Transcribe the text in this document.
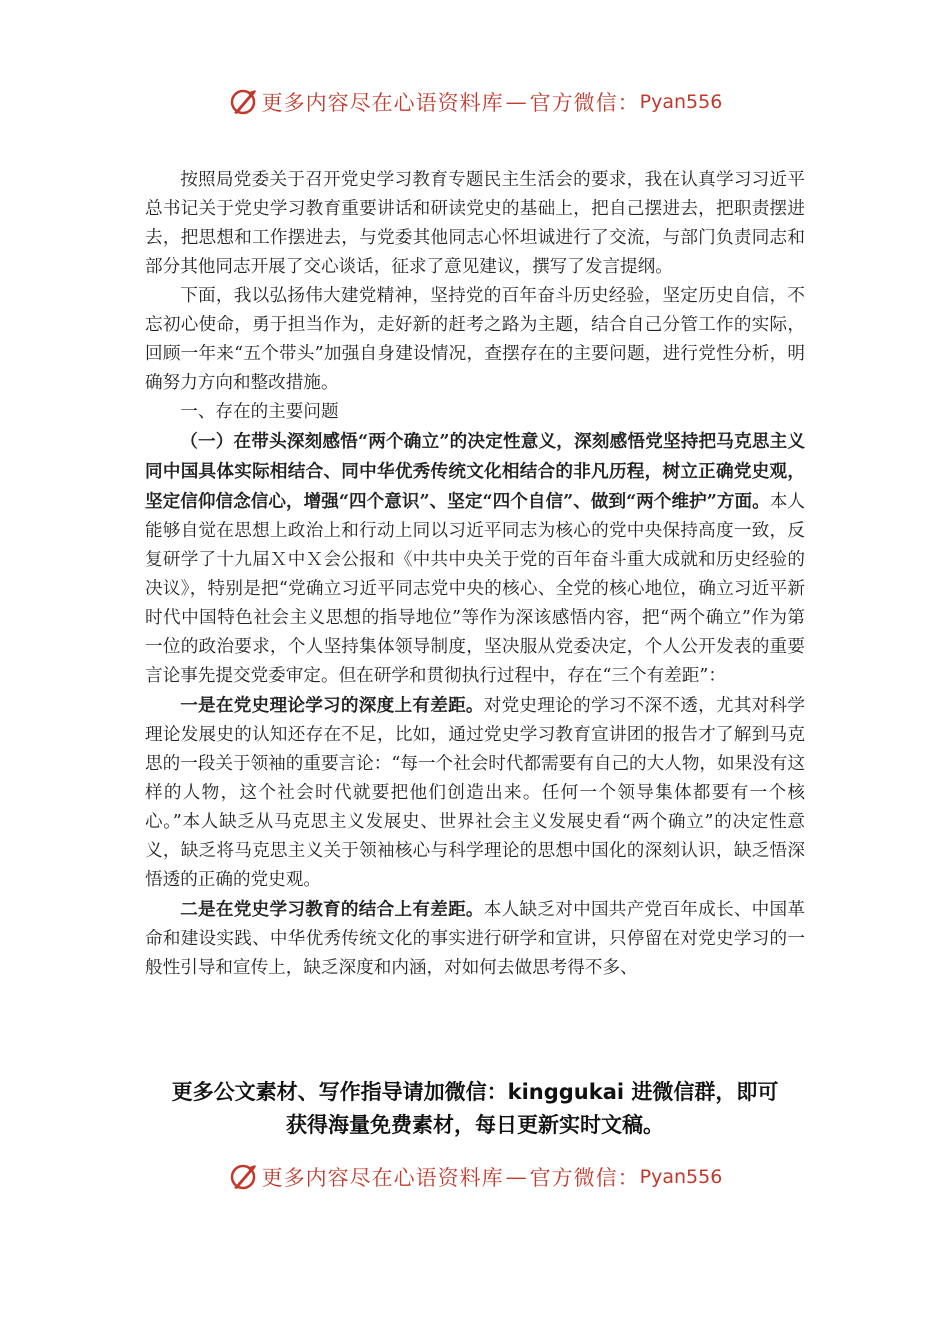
更多内容尽在心语资料库 — 官方微信： Pyan556

按照局党委关于召开党史学习教育专题民主生活会的要求，我在认真学习习近平总书记关于党史学习教育重要讲话和研读党史的基础上，把自己摆进去，把职责摆进去，把思想和工作摆进去，与党委其他同志心怀坦诚进行了交流，与部门负责同志和部分其他同志开展了交心谈话，征求了意见建议，撰写了发言提纲。

下面，我以弘扬伟大建党精神，坚持党的百年奋斗历史经验，坚定历史自信，不忘初心使命，勇于担当作为，走好新的赶考之路为主题，结合自己分管工作的实际，回顾一年来“五个带头”加强自身建设情况，查摆存在的主要问题，进行党性分析，明确努力方向和整改措施。

一、存在的主要问题

（一）在带头深刻感悟“两个确立”的决定性意义，深刻感悟党坚持把马克思主义同中国具体实际相结合、同中华优秀传统文化相结合的非凡历程，树立正确党史观，坚定信仰信念信心，增强“四个意识”、坚定“四个自信”、做到“两个维护”方面。本人能够自觉在思想上政治上和行动上同以习近平同志为核心的党中央保持高度一致，反复研学了十九届Ｘ中Ｘ会公报和《中共中央关于党的百年奋斗重大成就和历史经验的决议》，特别是把“党确立习近平同志党中央的核心、全党的核心地位，确立习近平新时代中国特色社会主义思想的指导地位”等作为深该感悟内容，把“两个确立”作为第一位的政治要求，个人坚持集体领导制度，坚决服从党委决定，个人公开发表的重要言论事先提交党委审定。但在研学和贯彻执行过程中，存在“三个有差距”：

一是在党史理论学习的深度上有差距。对党史理论的学习不深不透，尤其对科学理论发展史的认知还存在不足，比如，通过党史学习教育宣讲团的报告才了解到马克思的一段关于领袖的重要言论：“每一个社会时代都需要有自己的大人物，如果没有这样的人物，这个社会时代就要把他们创造出来。任何一个领导集体都要有一个核心。”本人缺乏从马克思主义发展史、世界社会主义发展史看“两个确立”的决定性意义，缺乏将马克思主义关于领袖核心与科学理论的思想中国化的深刻认识，缺乏悟深悟透的正确的党史观。

二是在党史学习教育的结合上有差距。本人缺乏对中国共产党百年成长、中国革命和建设实践、中华优秀传统文化的事实进行研学和宣讲，只停留在对党史学习的一般性引导和宣传上，缺乏深度和内涵，对如何去做思考得不多、

更多公文素材、写作指导请加微信：kinggukai 进微信群，即可
获得海量免费素材，每日更新实时文稿。
更多内容尽在心语资料库 — 官方微信： Pyan556
